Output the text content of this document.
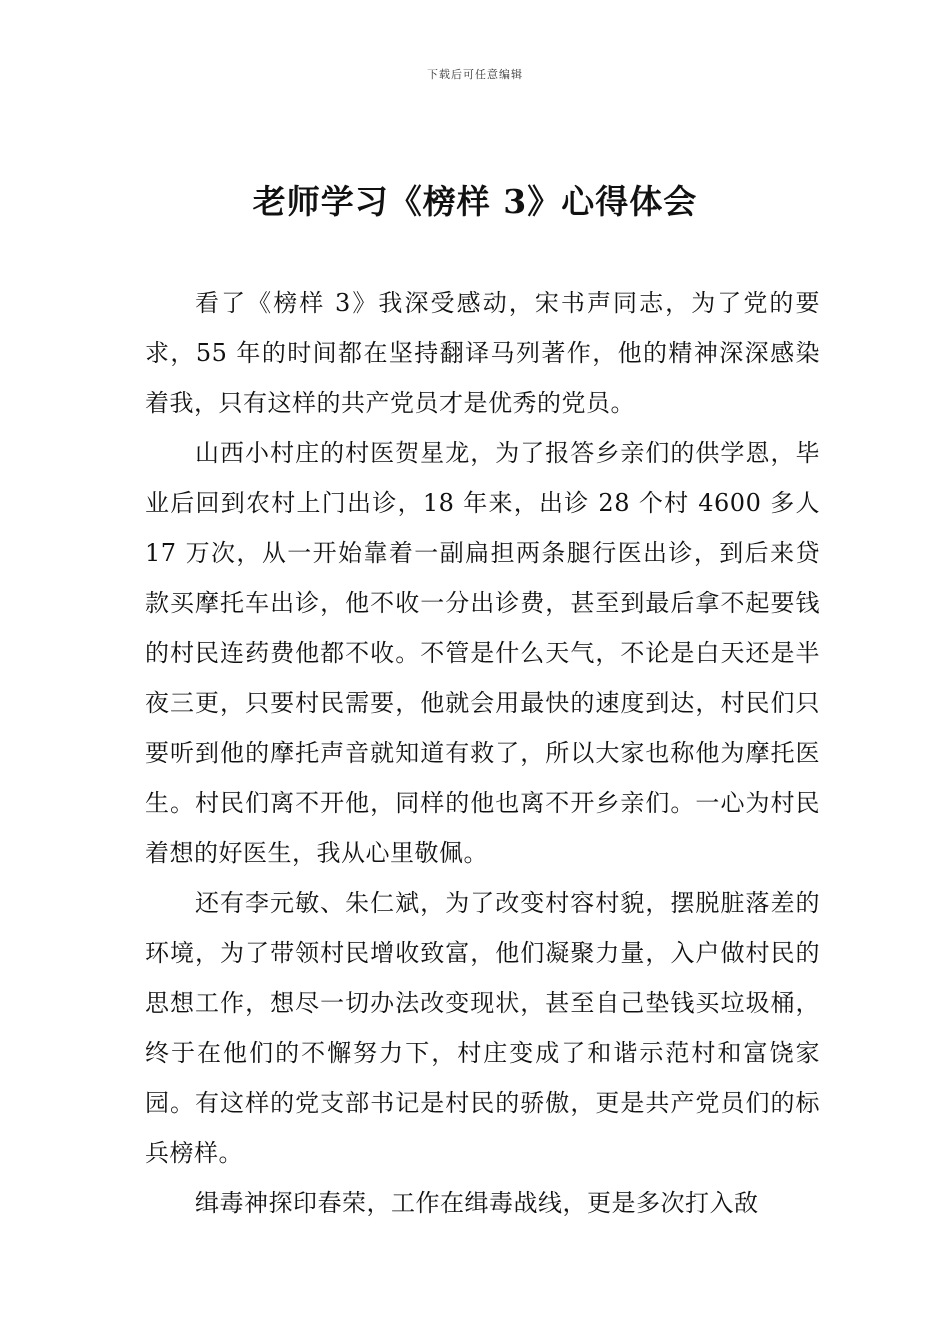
下载后可任意编辑
老师学习《榜样 3》心得体会

看了《榜样 3》我深受感动，宋书声同志，为了党的要求，55 年的时间都在坚持翻译马列著作，他的精神深深感染着我，只有这样的共产党员才是优秀的党员。

山西小村庄的村医贺星龙，为了报答乡亲们的供学恩，毕业后回到农村上门出诊，18 年来，出诊 28 个村 4600 多人 17 万次，从一开始靠着一副扁担两条腿行医出诊，到后来贷款买摩托车出诊，他不收一分出诊费，甚至到最后拿不起要钱的村民连药费他都不收。不管是什么天气，不论是白天还是半夜三更，只要村民需要，他就会用最快的速度到达，村民们只要听到他的摩托声音就知道有救了，所以大家也称他为摩托医生。村民们离不开他，同样的他也离不开乡亲们。一心为村民着想的好医生，我从心里敬佩。

还有李元敏、朱仁斌，为了改变村容村貌，摆脱脏落差的环境，为了带领村民增收致富，他们凝聚力量，入户做村民的思想工作，想尽一切办法改变现状，甚至自己垫钱买垃圾桶，终于在他们的不懈努力下，村庄变成了和谐示范村和富饶家园。有这样的党支部书记是村民的骄傲，更是共产党员们的标兵榜样。

缉毒神探印春荣，工作在缉毒战线，更是多次打入敌
